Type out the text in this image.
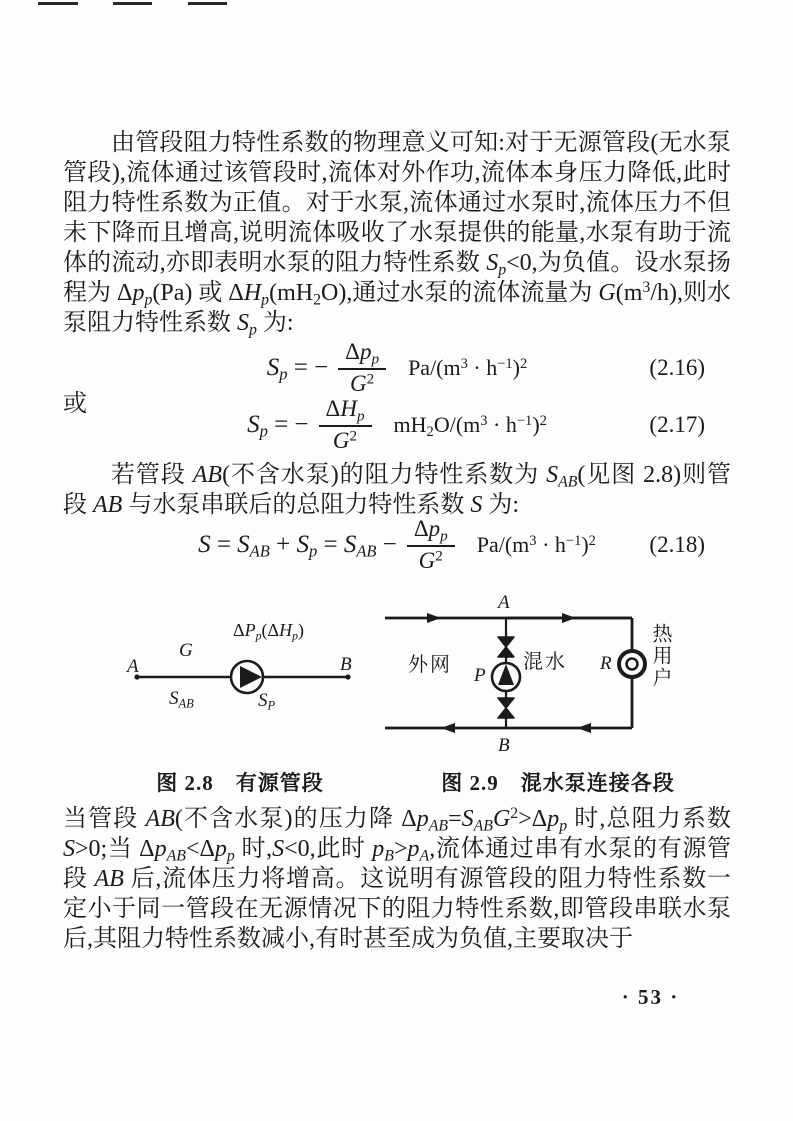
由管段阻力特性系数的物理意义可知:对于无源管段(无水泵管段),流体通过该管段时,流体对外作功,流体本身压力降低,此时阻力特性系数为正值。对于水泵,流体通过水泵时,流体压力不但未下降而且增高,说明流体吸收了水泵提供的能量,水泵有助于流体的流动,亦即表明水泵的阻力特性系数 $S_p<0$,为负值。设水泵扬程为 $\Delta p_p(Pa)$ 或 $\Delta H_p(mH_2O)$,通过水泵的流体流量为 $G(m^3/h)$,则水泵阻力特性系数 $S_p$ 为:

$S_p$ = − $\frac{\Delta p_p}{G^2} Pa/(m^3 \cdot h^{-1})^2$	(2.16)
或
$S_p$ = − $\frac{\Delta H_p}{G^2} mH_2O/(m^3 \cdot h^{-1})^2$	(2.17)

若管段 AB(不含水泵)的阻力特性系数为 $S_{AB}$(见图 2.8)则管段 AB 与水泵串联后的总阻力特性系数 S 为:

$S = S_{AB} + S_p = S_{AB} - \frac{\Delta p_p}{G^2} Pa/(m^3 \cdot h^{-1})^2$ (2.18)
A	B
G
$\Delta P_p(\Delta H_p)$
$S_{AB}$	$S_P$
A
B
P
R
外网	混水	热用户
图 2.8　有源管段	图 2.9　混水泵连接各段

当管段 AB(不含水泵)的压力降 $\Delta p_{AB}=S_{AB}G^2>\Delta p_p$ 时,总阻力系数 S>0;当 $\Delta p_{AB}<\Delta p_p$ 时,S<0,此时 $p_B>p_A$,流体通过串有水泵的有源管段 AB 后,流体压力将增高。这说明有源管段的阻力特性系数一定小于同一管段在无源情况下的阻力特性系数,即管段串联水泵后,其阻力特性系数减小,有时甚至成为负值,主要取决于

· 53 ·
